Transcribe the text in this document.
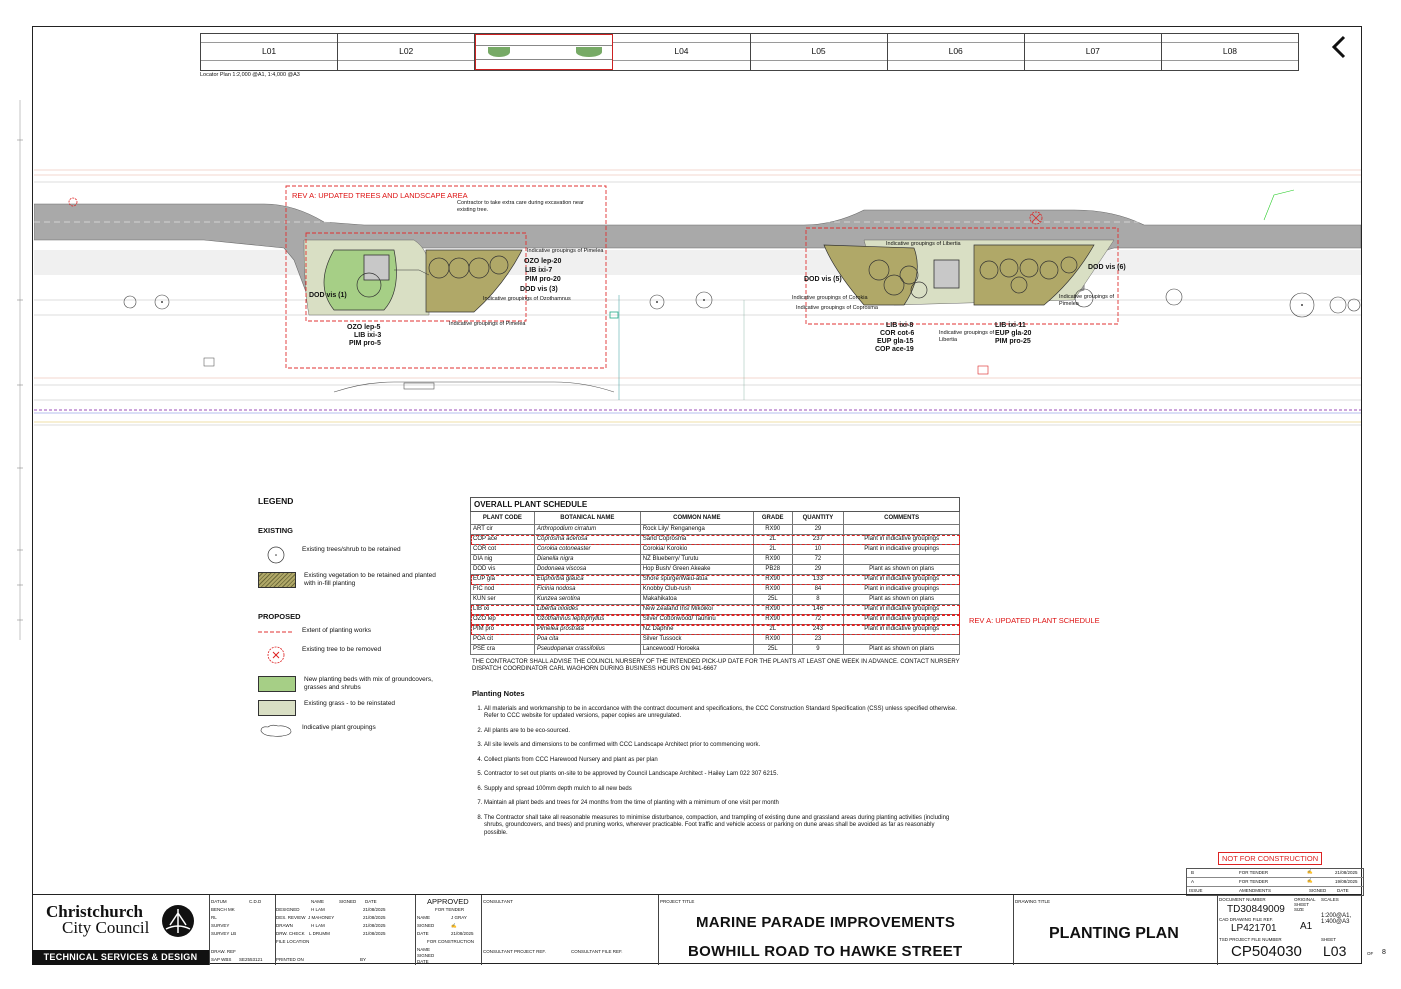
L01	L02	L04	L05	L06	L07	L08
Locator Plan 1:2,000 @A1, 1:4,000 @A3
REV A: UPDATED TREES AND LANDSCAPE AREA
Contractor to take extra care during excavation near existing tree.
DOD vis (1)
OZO lep-5
LIB ixi-3
PIM pro-5
OZO lep-20
LIB ixi-7
PIM pro-20
DOD vis (3)
Indicative groupings of Pimelea
Indicative groupings of Ozothamnus
Indicative groupings of Pimelea
DOD vis (5)
DOD vis (6)
Indicative groupings of Libertia
Indicative groupings of Corokia
Indicative groupings of Coprosma
Indicative groupings of Libertia
Indicative groupings of Pimelea
LIB ixi-8
COR cot-6
EUP gla-15
COP ace-19
LIB ixi-11
EUP gla-20
PIM pro-25
LEGEND
EXISTING
Existing trees/shrub to be retained
Existing vegetation to be retained and planted with in-fill planting
PROPOSED
Extent of planting works
Existing tree to be removed
New planting beds with mix of groundcovers, grasses and shrubs
Existing grass - to be reinstated
Indicative plant groupings
OVERALL PLANT SCHEDULE					
PLANT CODE	BOTANICAL NAME	COMMON NAME	GRADE	QUANTITY	COMMENTS
ART cir	Arthropodium cirratum	Rock Lily/ Renganenga	RX90	29	
COP ace	Coprosma acerosa	Sand Coprosma	2L	237	Plant in indicative groupings
COR cot	Corokia cotoneaster	Corokia/ Korokio	2L	10	Plant in indicative groupings
DIA nig	Dianella nigra	NZ Blueberry/ Turutu	RX90	72	
DOD vis	Dodonaea viscosa	Hop Bush/ Green Akeake	PB28	29	Plant as shown on plans
EUP gla	Euphorbia glauca	Shore spurge/Waiu-atua	RX90	133	Plant in indicative groupings
FIC nod	Ficinia nodosa	Knobby Club-rush	RX90	84	Plant in indicative groupings
KUN ser	Kunzea serotina	Makahikatoa	25L	8	Plant as shown on plans
LIB ixi	Libertia ixioides	New Zealand Iris/ Mikoikoi	RX90	146	Plant in indicative groupings
OZO lep	Ozothamnus leptophyllus	Silver Cottonwood/ Tauhinu	RX90	72	Plant in indicative groupings
PIM pro	Pimelea prostrata	NZ Daphne	2L	243	Plant in indicative groupings
POA cit	Poa cita	Silver Tussock	RX90	23	
PSE cra	Pseudopanax crassifolius	Lancewood/ Horoeka	25L	9	Plant as shown on plans
REV A: UPDATED PLANT SCHEDULE
THE CONTRACTOR SHALL ADVISE THE COUNCIL NURSERY OF THE INTENDED PICK-UP DATE FOR THE PLANTS AT LEAST ONE WEEK IN ADVANCE. CONTACT NURSERY DISPATCH COORDINATOR CARL WAGHORN DURING BUSINESS HOURS ON 941-6667
Planting Notes
1. All materials and workmanship to be in accordance with the contract document and specifications, the CCC Construction Standard Specification (CSS) unless specified otherwise. Refer to CCC website for updated versions, paper copies are unregulated.
2. All plants are to be eco-sourced.
3. All site levels and dimensions to be confirmed with CCC Landscape Architect prior to commencing work.
4. Collect plants from CCC Harewood Nursery and plant as per plan
5. Contractor to set out plants on-site to be approved by Council Landscape Architect - Hailey Lam 022 307 6215.
6. Supply and spread 100mm depth mulch to all new beds
7. Maintain all plant beds and trees for 24 months from the time of planting with a mimimum of one visit per month
8. The Contractor shall take all reasonable measures to minimise disturbance, compaction, and trampling of existing dune and grassland areas during planting activities (including shrubs, groundcovers, and trees) and pruning works, wherever practicable. Foot traffic and vehicle access or parking on dune areas shall be avoided as far as reasonably possible.
NOT FOR CONSTRUCTION
B	FOR TENDER	✍	21/08/2025
A	FOR TENDER	✍	19/08/2025
ISSUE	AMENDMENTS	SIGNED DATE
Christchurch
City Council
TECHNICAL SERVICES & DESIGN
DATUM	C.D.D
BENCH MK
RL
SURVEY
SURVEY LB
DRAW. REF
SAP WBS SE2553121
NAME	SIGNED DATE
DESIGNED
DES. REVIEW
DRAWN
DRW. CHECK
FILE LOCATION
H LAM
J MAHONEY
H LAM
L DRUMM
21/08/2025
21/08/2025
21/08/2025
21/08/2025
PRINTED ON	BY
APPROVED
FOR TENDER
NAME	J GRAY
SIGNED	✍
DATE	21/08/2025
FOR CONSTRUCTION
NAME
SIGNED
DATE
CONSULTANT
CONSULTANT PROJECT REF.	CONSULTANT FILE REF.
PROJECT TITLE
MARINE PARADE IMPROVEMENTS
BOWHILL ROAD TO HAWKE STREET
DRAWING TITLE
PLANTING PLAN
DOCUMENT NUMBER
TD30849009
CAD DRAWING FILE REF.
LP421701
TSD PROJECT FILE NUMBER
CP504030
ORIGINAL SHEET SIZE
A1
SCALES
1:200@A1, 1:400@A3
SHEET
L03	OF 8
